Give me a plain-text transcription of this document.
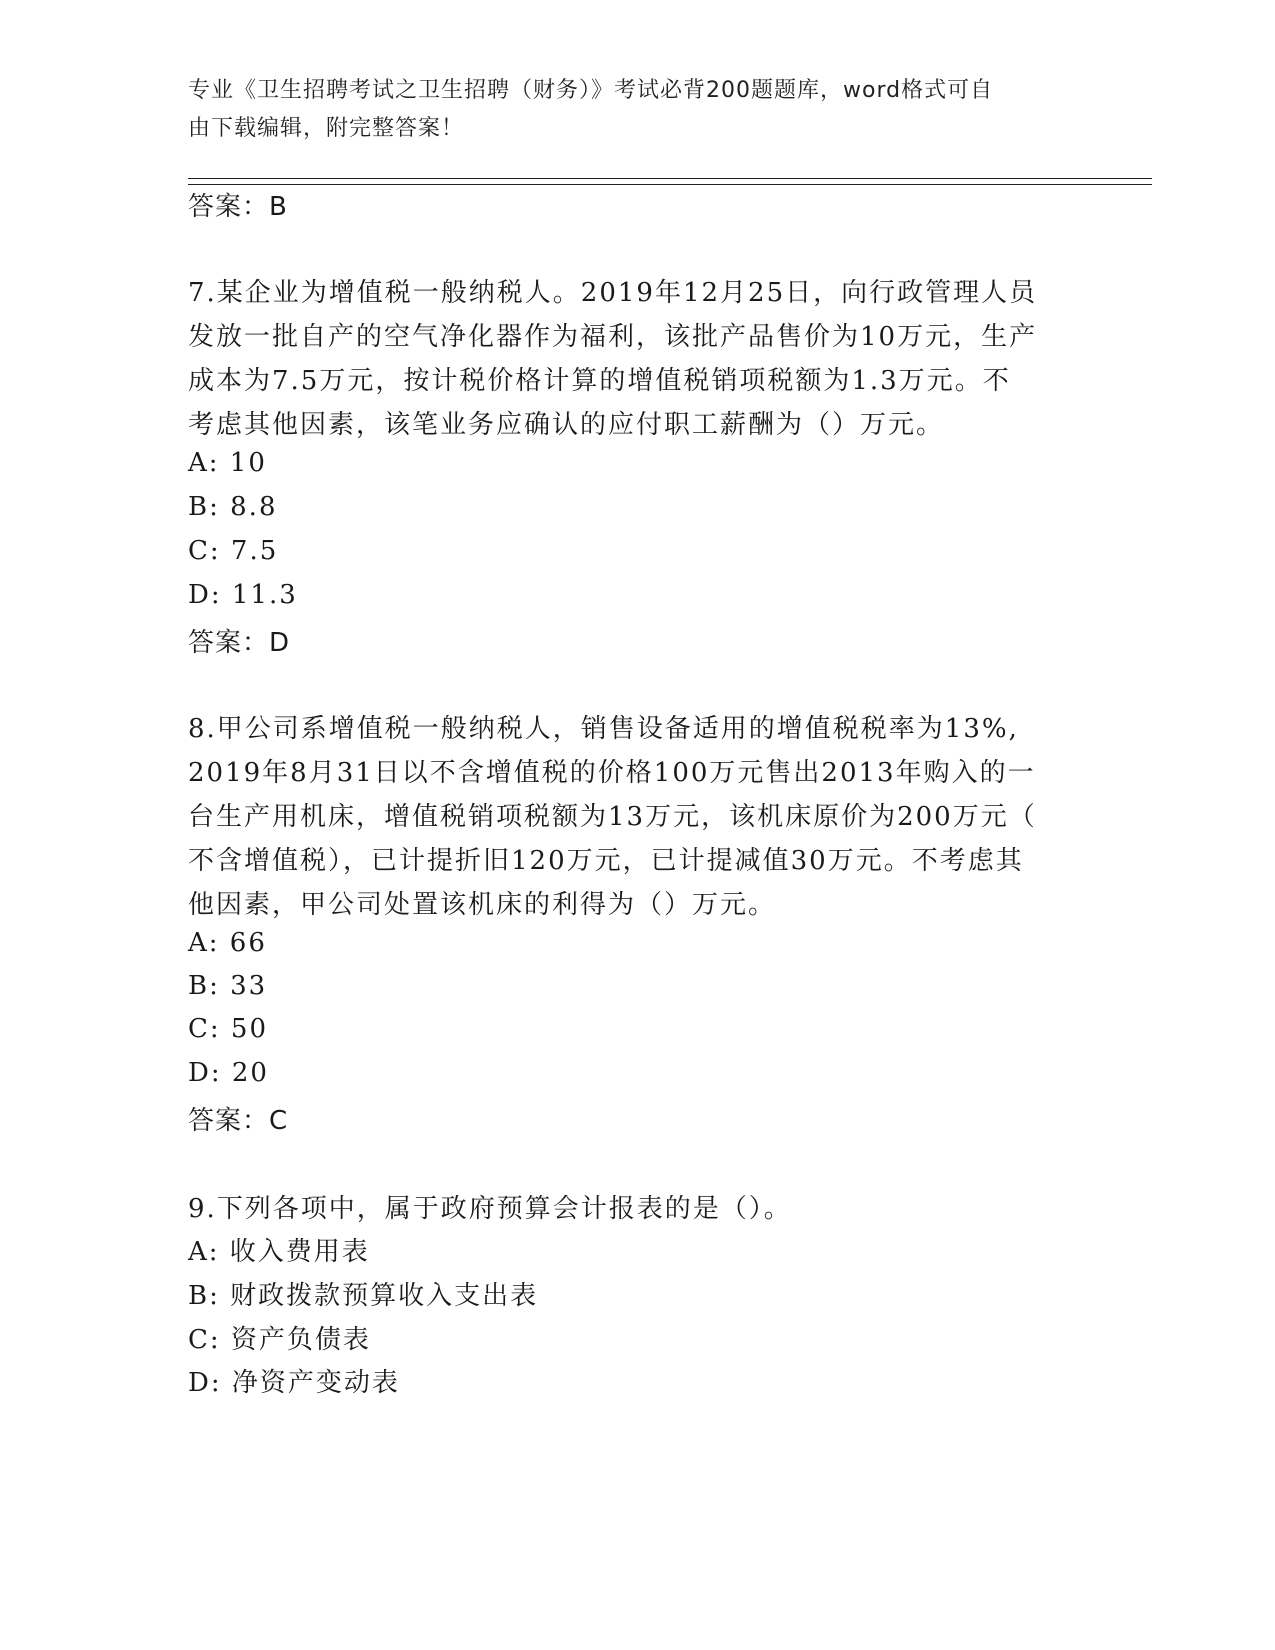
专业《卫生招聘考试之卫生招聘（财务）》考试必背200题题库，word格式可自
由下载编辑，附完整答案！
答案：B
7.某企业为增值税一般纳税人。2019年12月25日，向行政管理人员
发放一批自产的空气净化器作为福利，该批产品售价为10万元，生产
成本为7.5万元，按计税价格计算的增值税销项税额为1.3万元。不
考虑其他因素，该笔业务应确认的应付职工薪酬为（）万元。
A: 10
B: 8.8
C: 7.5
D: 11.3
答案：D
8.甲公司系增值税一般纳税人，销售设备适用的增值税税率为13%,
2019年8月31日以不含增值税的价格100万元售出2013年购入的一
台生产用机床，增值税销项税额为13万元，该机床原价为200万元（
不含增值税），已计提折旧120万元，已计提减值30万元。不考虑其
他因素，甲公司处置该机床的利得为（）万元。
A: 66
B: 33
C: 50
D: 20
答案：C
9.下列各项中，属于政府预算会计报表的是（）。
A: 收入费用表
B: 财政拨款预算收入支出表
C: 资产负债表
D: 净资产变动表
